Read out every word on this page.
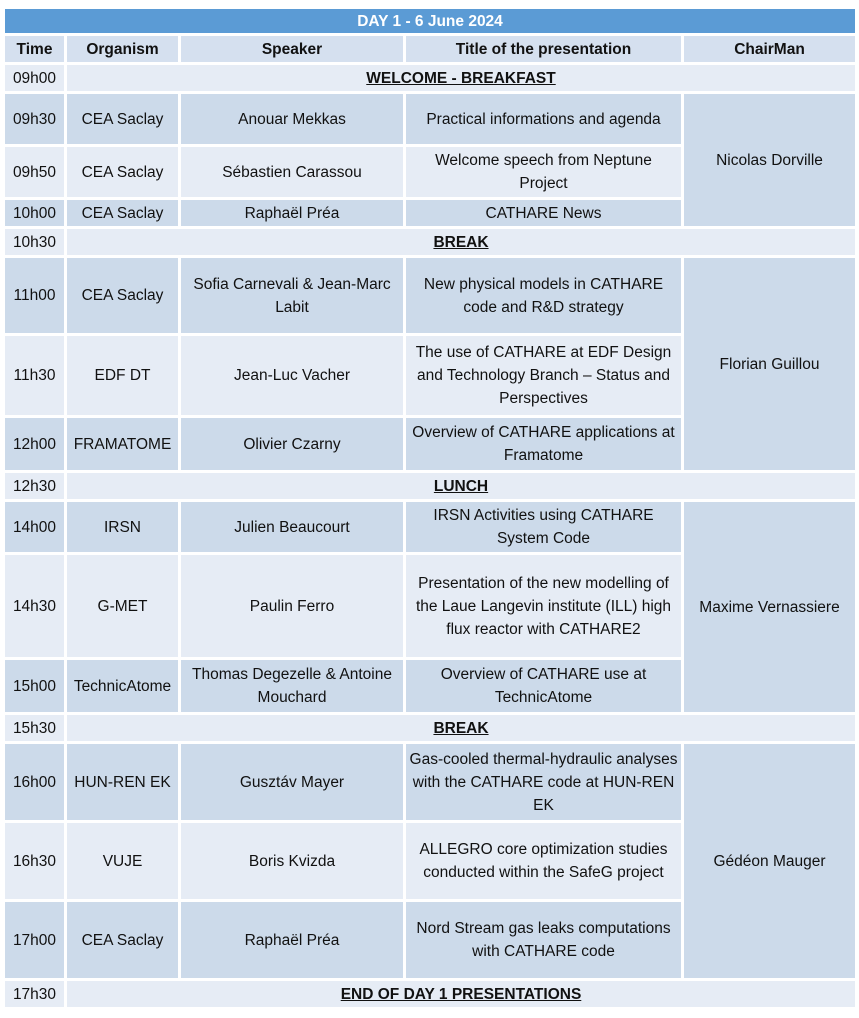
DAY 1 - 6 June 2024				
Time	Organism	Speaker	Title of the presentation	ChairMan
09h00	WELCOME - BREAKFAST			
09h30	CEA Saclay	Anouar Mekkas	Practical informations and agenda	Nicolas Dorville
09h50	CEA Saclay	Sébastien Carassou	Welcome speech from Neptune Project	
10h00	CEA Saclay	Raphaël Préa	CATHARE News	
10h30	BREAK			
11h00	CEA Saclay	Sofia Carnevali & Jean-Marc Labit	New physical models in CATHARE code and R&D strategy	Florian Guillou
11h30	EDF DT	Jean-Luc Vacher	The use of CATHARE at EDF Design and Technology Branch – Status and Perspectives	
12h00	FRAMATOME	Olivier Czarny	Overview of CATHARE applications at Framatome	
12h30	LUNCH			
14h00	IRSN	Julien Beaucourt	IRSN Activities using CATHARE System Code	Maxime Vernassiere
14h30	G-MET	Paulin Ferro	Presentation of the new modelling of the Laue Langevin institute (ILL) high flux reactor with CATHARE2	
15h00	TechnicAtome	Thomas Degezelle & Antoine Mouchard	Overview of CATHARE use at TechnicAtome	
15h30	BREAK			
16h00	HUN-REN EK	Gusztáv Mayer	Gas-cooled thermal-hydraulic analyses with the CATHARE code at HUN-REN EK	Gédéon Mauger
16h30	VUJE	Boris Kvizda	ALLEGRO core optimization studies conducted within the SafeG project	
17h00	CEA Saclay	Raphaël Préa	Nord Stream gas leaks computations with CATHARE code	
17h30	END OF DAY 1 PRESENTATIONS			
